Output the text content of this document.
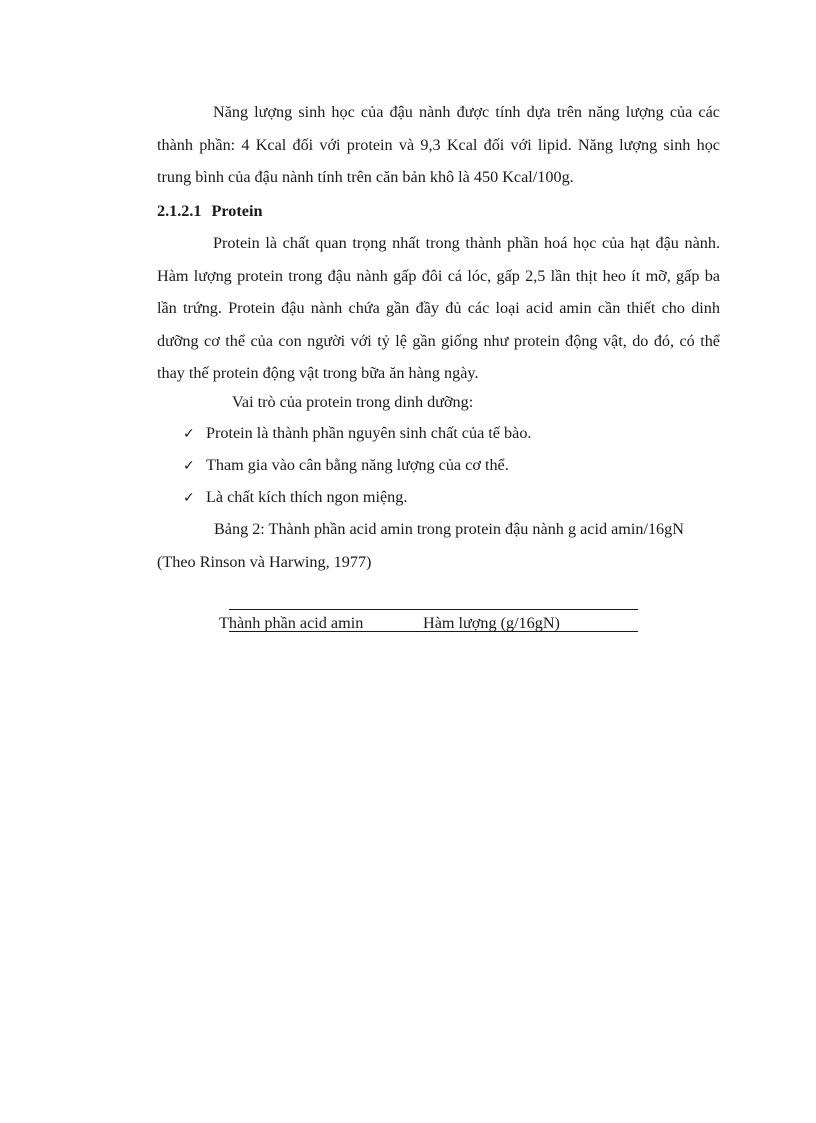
Năng lượng sinh học của đậu nành được tính dựa trên năng lượng của các thành phần: 4 Kcal đối với protein và 9,3 Kcal đối với lipid. Năng lượng sinh học trung bình của đậu nành tính trên căn bản khô là 450 Kcal/100g.

2.1.2.1 Protein

Protein là chất quan trọng nhất trong thành phần hoá học của hạt đậu nành. Hàm lượng protein trong đậu nành gấp đôi cá lóc, gấp 2,5 lần thịt heo ít mỡ, gấp ba lần trứng. Protein đậu nành chứa gần đầy đủ các loại acid amin cần thiết cho dinh dưỡng cơ thể của con người với tỷ lệ gần giống như protein động vật, do đó, có thể thay thế protein động vật trong bữa ăn hàng ngày.

Vai trò của protein trong dinh dưỡng:
✓ Protein là thành phần nguyên sinh chất của tế bào.
✓ Tham gia vào cân bằng năng lượng của cơ thể.
✓ Là chất kích thích ngon miệng.
Bảng 2: Thành phần acid amin trong protein đậu nành g acid amin/16gN
(Theo Rinson và Harwing, 1977)
Thành phần acid amin	Hàm lượng (g/16gN)
